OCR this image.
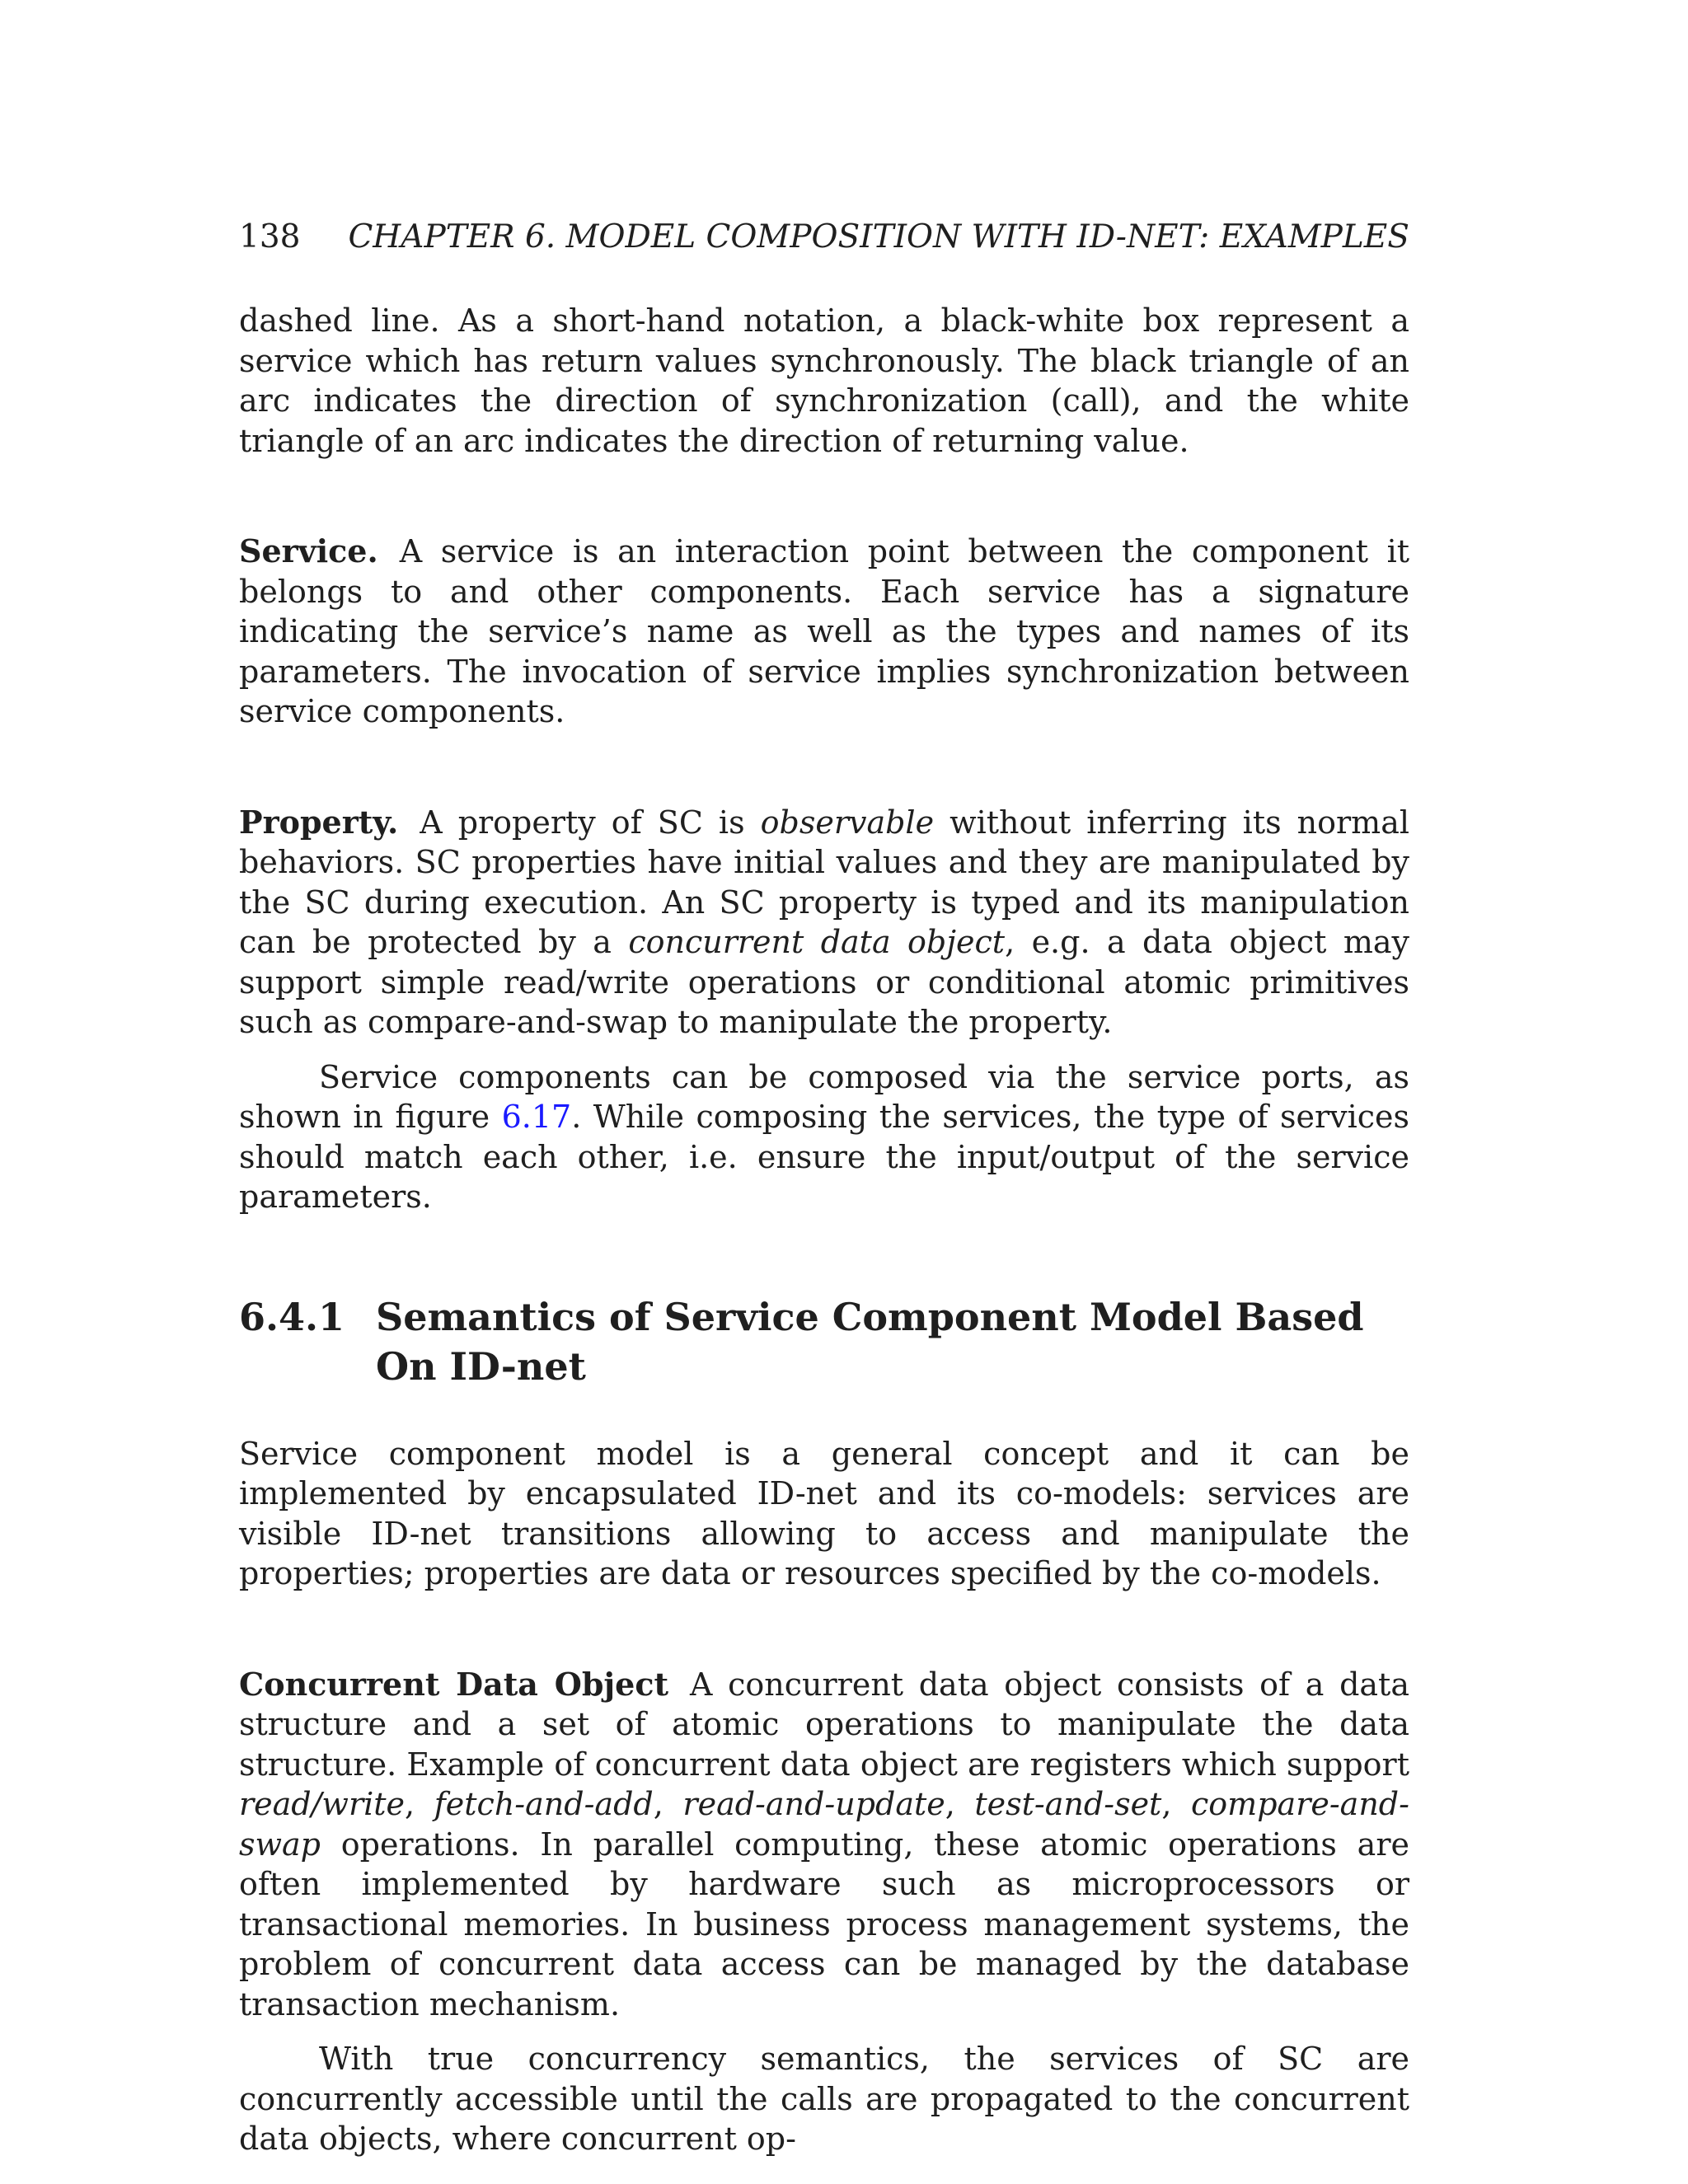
138 CHAPTER 6. MODEL COMPOSITION WITH ID-NET: EXAMPLES

dashed line. As a short-hand notation, a black-white box represent a service which has return values synchronously. The black triangle of an arc indicates the direction of synchronization (call), and the white triangle of an arc indicates the direction of returning value.

Service. A service is an interaction point between the component it belongs to and other components. Each service has a signature indicating the service’s name as well as the types and names of its parameters. The invocation of service implies synchronization between service components.

Property. A property of SC is observable without inferring its normal behaviors. SC properties have initial values and they are manipulated by the SC during execution. An SC property is typed and its manipulation can be protected by a concurrent data object, e.g. a data object may support simple read/write operations or conditional atomic primitives such as compare-and-swap to manipulate the property.

Service components can be composed via the service ports, as shown in figure 6.17. While composing the services, the type of services should match each other, i.e. ensure the input/output of the service parameters.

6.4.1 Semantics of Service Component Model Based On ID-net

Service component model is a general concept and it can be implemented by encapsulated ID-net and its co-models: services are visible ID-net transitions allowing to access and manipulate the properties; properties are data or resources specified by the co-models.

Concurrent Data Object A concurrent data object consists of a data structure and a set of atomic operations to manipulate the data structure. Example of concurrent data object are registers which support read/write, fetch-and-add, read-and-update, test-and-set, compare-and-swap operations. In parallel computing, these atomic operations are often implemented by hardware such as microprocessors or transactional memories. In business process management systems, the problem of concurrent data access can be managed by the database transaction mechanism.

With true concurrency semantics, the services of SC are concurrently accessible until the calls are propagated to the concurrent data objects, where concurrent op-
